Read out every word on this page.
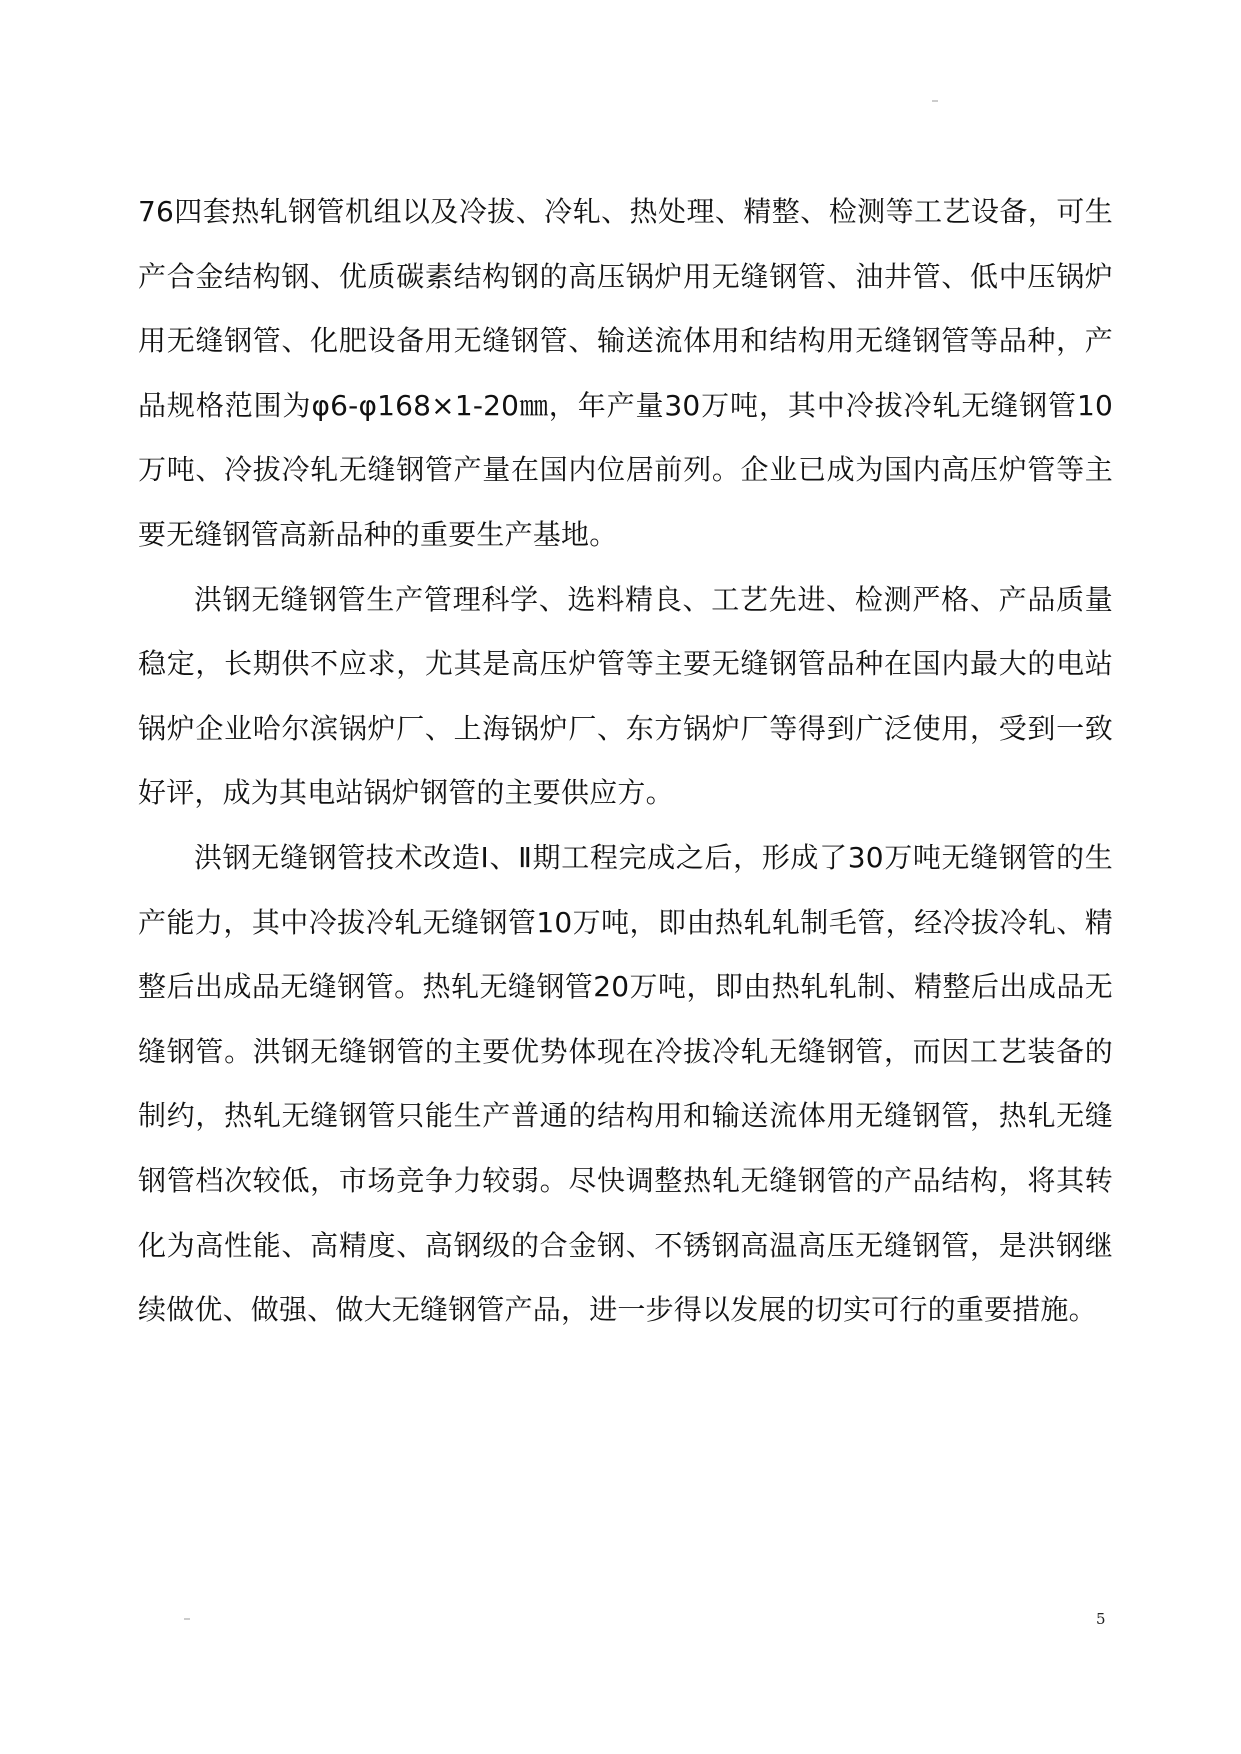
76四套热轧钢管机组以及冷拔、冷轧、热处理、精整、检测等工艺设备，可生产合金结构钢、优质碳素结构钢的高压锅炉用无缝钢管、油井管、低中压锅炉用无缝钢管、化肥设备用无缝钢管、输送流体用和结构用无缝钢管等品种，产品规格范围为φ6-φ168×1-20㎜，年产量30万吨，其中冷拔冷轧无缝钢管10万吨、冷拔冷轧无缝钢管产量在国内位居前列。企业已成为国内高压炉管等主要无缝钢管高新品种的重要生产基地。

洪钢无缝钢管生产管理科学、选料精良、工艺先进、检测严格、产品质量稳定，长期供不应求，尤其是高压炉管等主要无缝钢管品种在国内最大的电站锅炉企业哈尔滨锅炉厂、上海锅炉厂、东方锅炉厂等得到广泛使用，受到一致好评，成为其电站锅炉钢管的主要供应方。

洪钢无缝钢管技术改造Ⅰ、Ⅱ期工程完成之后，形成了30万吨无缝钢管的生产能力，其中冷拔冷轧无缝钢管10万吨，即由热轧轧制毛管，经冷拔冷轧、精整后出成品无缝钢管。热轧无缝钢管20万吨，即由热轧轧制、精整后出成品无缝钢管。洪钢无缝钢管的主要优势体现在冷拔冷轧无缝钢管，而因工艺装备的制约，热轧无缝钢管只能生产普通的结构用和输送流体用无缝钢管，热轧无缝钢管档次较低，市场竞争力较弱。尽快调整热轧无缝钢管的产品结构，将其转化为高性能、高精度、高钢级的合金钢、不锈钢高温高压无缝钢管，是洪钢继续做优、做强、做大无缝钢管产品，进一步得以发展的切实可行的重要措施。

5
